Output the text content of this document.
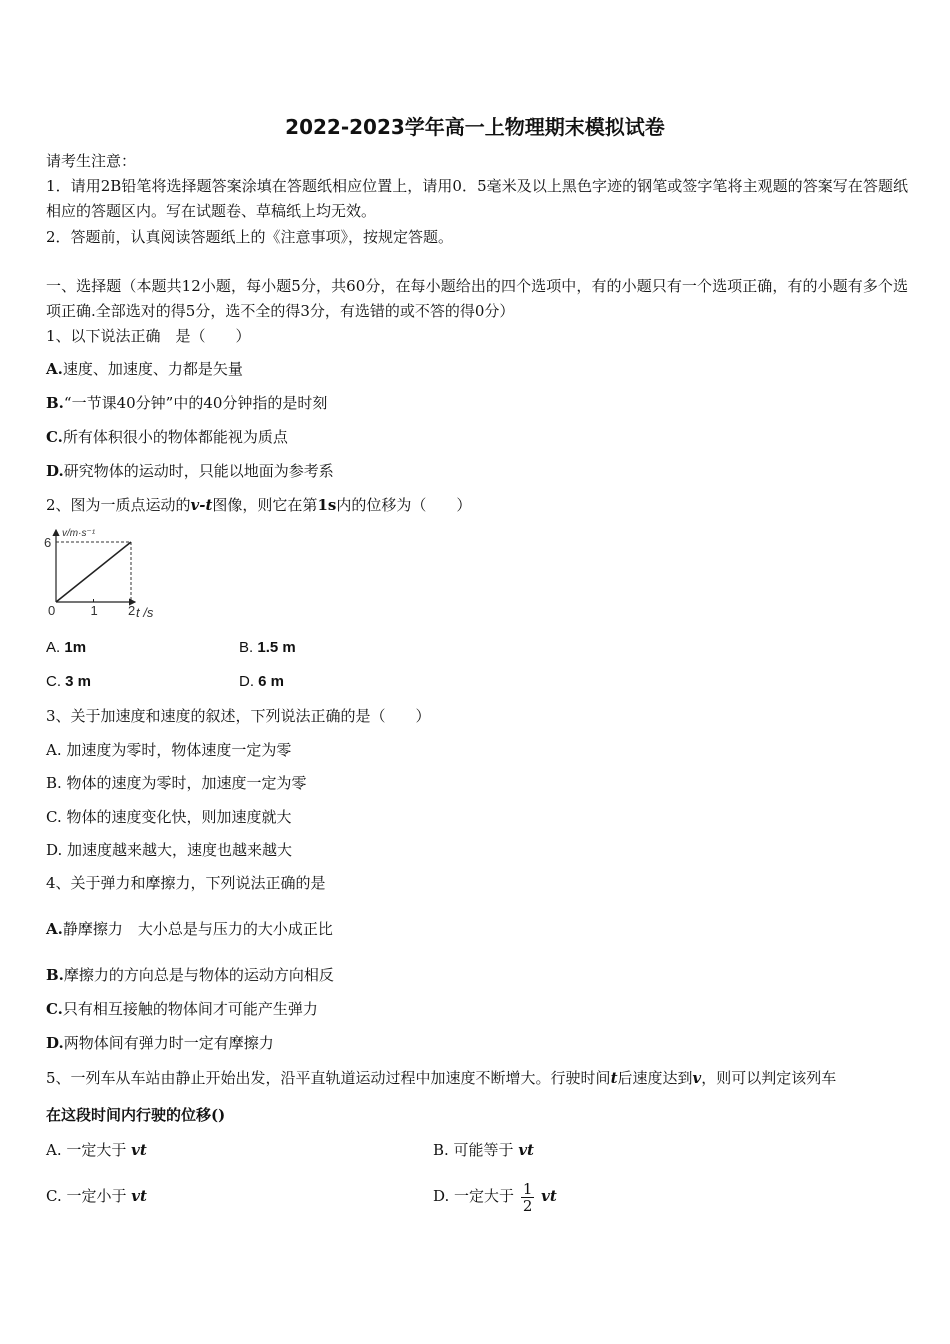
2022-2023学年高一上物理期末模拟试卷
请考生注意：
1．请用2B铅笔将选择题答案涂填在答题纸相应位置上，请用0．5毫米及以上黑色字迹的钢笔或签字笔将主观题的答案写在答题纸相应的答题区内。写在试题卷、草稿纸上均无效。
2．答题前，认真阅读答题纸上的《注意事项》，按规定答题。
一、选择题（本题共12小题，每小题5分，共60分，在每小题给出的四个选项中，有的小题只有一个选项正确，有的小题有多个选项正确.全部选对的得5分，选不全的得3分，有选错的或不答的得0分）
1、以下说法正确　是（　　）
A.速度、加速度、力都是矢量
B.“一节课40分钟”中的40分钟指的是时刻
C.所有体积很小的物体都能视为质点
D.研究物体的运动时，只能以地面为参考系
2、图为一质点运动的v-t图像，则它在第1s内的位移为（　　）
0	1 2
6
v/m·s⁻¹
t /s
A. 1m	B. 1.5 m
C. 3 m	D. 6 m
3、关于加速度和速度的叙述，下列说法正确的是（　　）
A. 加速度为零时，物体速度一定为零
B. 物体的速度为零时，加速度一定为零
C. 物体的速度变化快，则加速度就大
D. 加速度越来越大，速度也越来越大
4、关于弹力和摩擦力，下列说法正确的是
A.静摩擦力　大小总是与压力的大小成正比
B.摩擦力的方向总是与物体的运动方向相反
C.只有相互接触的物体间才可能产生弹力
D.两物体间有弹力时一定有摩擦力
5、一列车从车站由静止开始出发，沿平直轨道运动过程中加速度不断增大。行驶时间t后速度达到v，则可以判定该列车
在这段时间内行驶的位移()
A. 一定大于 vt	B. 可能等于 vt
C. 一定小于 vt	D. 一定大于 $\frac{1}{2}$ vt
